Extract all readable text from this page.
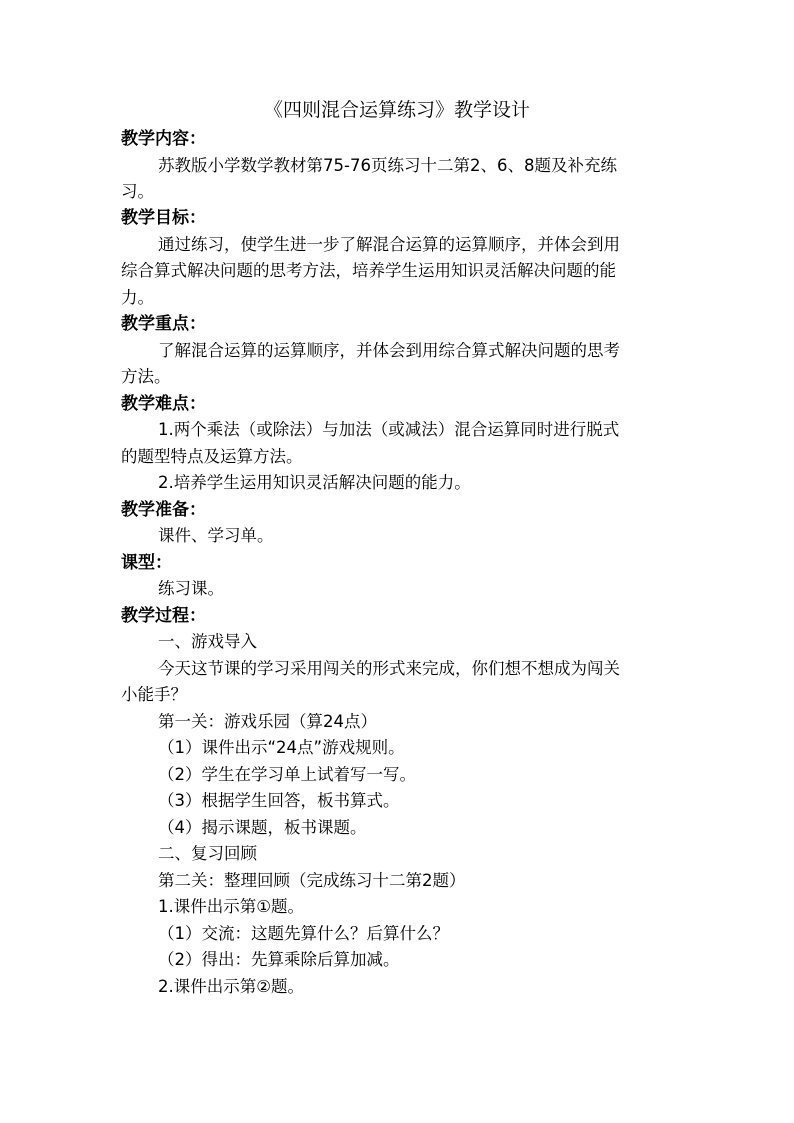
《四则混合运算练习》教学设计
教学内容：
苏教版小学数学教材第75-76页练习十二第2、6、8题及补充练
习。
教学目标：
通过练习，使学生进一步了解混合运算的运算顺序，并体会到用
综合算式解决问题的思考方法，培养学生运用知识灵活解决问题的能
力。
教学重点：
了解混合运算的运算顺序，并体会到用综合算式解决问题的思考
方法。
教学难点：
1.两个乘法（或除法）与加法（或减法）混合运算同时进行脱式
的题型特点及运算方法。
2.培养学生运用知识灵活解决问题的能力。
教学准备：
课件、学习单。
课型：
练习课。
教学过程：
一、游戏导入
今天这节课的学习采用闯关的形式来完成，你们想不想成为闯关
小能手？
第一关：游戏乐园（算24点）
（1）课件出示“24点”游戏规则。
（2）学生在学习单上试着写一写。
（3）根据学生回答，板书算式。
（4）揭示课题，板书课题。
二、复习回顾
第二关：整理回顾（完成练习十二第2题）
1.课件出示第①题。
（1）交流：这题先算什么？后算什么？
（2）得出：先算乘除后算加减。
2.课件出示第②题。
